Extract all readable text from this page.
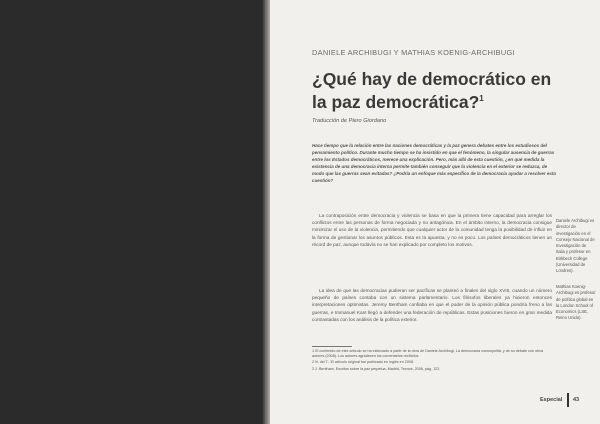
DANIELE ARCHIBUGI Y MATHIAS KOENIG-ARCHIBUGI
¿Qué hay de democrático en la paz democrática?$^1$
Traducción de Piero Giordano
Hace tiempo que la relación entre las naciones democráticas y la paz genera debates entre los estudiosos del pensamiento político. Durante mucho tiempo se ha insistido en que el fenómeno, la singular ausencia de guerras entre los Estados democráticos, merece una explicación. Pero, más allá de esta cuestión, ¿en qué medida la existencia de una democracia interna permite también conseguir que la violencia en el exterior se reduzca, de modo que las guerras sean evitadas? ¿Podría un enfoque más específico de la democracia ayudar a resolver esta cuestión?

La contraposición entre democracia y violencia se basa en que la primera tiene capacidad para arreglar los conflictos entre las personas de forma negociada y no antagónica. En el ámbito interno, la democracia consigue minimizar el uso de la violencia, permitiendo que cualquier actor de la comunidad tenga la posibilidad de influir en la forma de gestionar los asuntos públicos. Esta es la apuesta, y no es poco. Los países democráticos tienen un récord de paz, aunque todavía no se han explicado por completo los motivos.

La idea de que las democracias pudieran ser pacíficas se planteó a finales del siglo XVIII, cuando un número pequeño de países contaba con un sistema parlamentario. Los filósofos liberales ya hicieron entonces interpretaciones optimistas. Jeremy Bentham confiaba en que el poder de la opinión pública pondría freno a las guerras, e Immanuel Kant llegó a defender una federación de repúblicas. Estas posiciones fueron en gran medida contrastadas con los análisis de la política exterior.

Daniele Archibugi es director de investigación en el Consejo Nacional de Investigación de Italia y profesor en Birkbeck College (Universidad de Londres).
Mathias Koenig-Archibugi es profesor de política global en la London School of Economics (LSE, Reino Unido).
1 El contenido de este artículo se ha elaborado a partir de la obra de Daniele Archibugi, La democracia cosmopolita, y de su debate con otros autores (2008). Los autores agradecen los comentarios recibidos.
2 N. del T.: El artículo original fue publicado en inglés en 2008.
3 J. Bentham, Escritos sobre la paz perpetua, Madrid, Tecnos, 2006, pág. 123.
Especial 43
